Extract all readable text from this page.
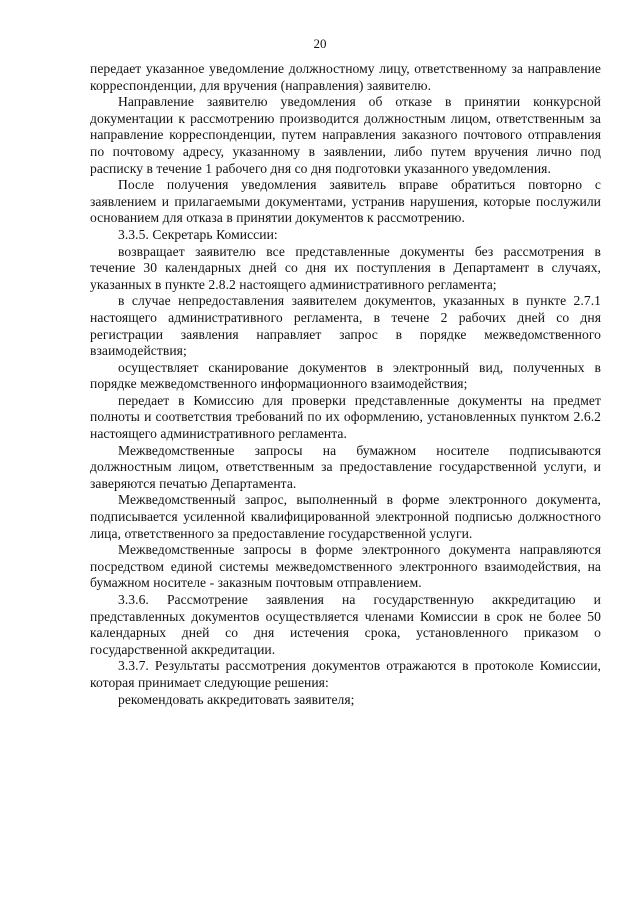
20

передает указанное уведомление должностному лицу, ответственному за направление корреспонденции, для вручения (направления) заявителю.

Направление заявителю уведомления об отказе в принятии конкурсной документации к рассмотрению производится должностным лицом, ответственным за направление корреспонденции, путем направления заказного почтового отправления по почтовому адресу, указанному в заявлении, либо путем вручения лично под расписку в течение 1 рабочего дня со дня подготовки указанного уведомления.

После получения уведомления заявитель вправе обратиться повторно с заявлением и прилагаемыми документами, устранив нарушения, которые послужили основанием для отказа в принятии документов к рассмотрению.

3.3.5. Секретарь Комиссии:

возвращает заявителю все представленные документы без рассмотрения в течение 30 календарных дней со дня их поступления в Департамент в случаях, указанных в пункте 2.8.2 настоящего административного регламента;

в случае непредоставления заявителем документов, указанных в пункте 2.7.1 настоящего административного регламента, в течене 2 рабочих дней со дня регистрации заявления направляет запрос в порядке межведомственного взаимодействия;

осуществляет сканирование документов в электронный вид, полученных в порядке межведомственного информационного взаимодействия;

передает в Комиссию для проверки представленные документы на предмет полноты и соответствия требований по их оформлению, установленных пунктом 2.6.2 настоящего административного регламента.

Межведомственные запросы на бумажном носителе подписываются должностным лицом, ответственным за предоставление государственной услуги, и заверяются печатью Департамента.

Межведомственный запрос, выполненный в форме электронного документа, подписывается усиленной квалифицированной электронной подписью должностного лица, ответственного за предоставление государственной услуги.

Межведомственные запросы в форме электронного документа направляются посредством единой системы межведомственного электронного взаимодействия, на бумажном носителе - заказным почтовым отправлением.

3.3.6. Рассмотрение заявления на государственную аккредитацию и представленных документов осуществляется членами Комиссии в срок не более 50 календарных дней со дня истечения срока, установленного приказом о государственной аккредитации.

3.3.7. Результаты рассмотрения документов отражаются в протоколе Комиссии, которая принимает следующие решения:

рекомендовать аккредитовать заявителя;
